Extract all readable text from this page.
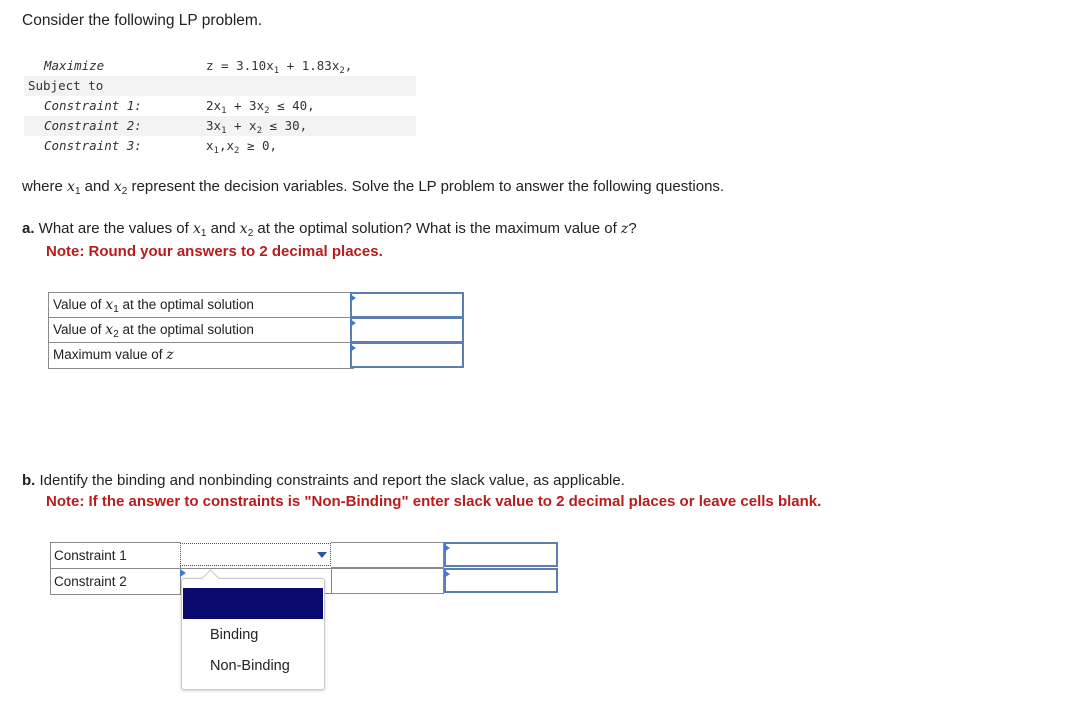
Consider the following LP problem.
Maximize	$z = 3.10x_1 + 1.83x_2$,
Subject to
Constraint 1:	$2x_1 + 3x_2 \le 40$,
Constraint 2:	$3x_1 + x_2 \le 30$,
Constraint 3:	$x_1,x_2 \ge 0$,
where $x_1$ and $x_2$ represent the decision variables. Solve the LP problem to answer the following questions.
a. What are the values of $x_1$ and $x_2$ at the optimal solution? What is the maximum value of z?
Note: Round your answers to 2 decimal places.
Value of $x_1$ at the optimal solution
Value of $x_2$ at the optimal solution
Maximum value of z
b. Identify the binding and nonbinding constraints and report the slack value, as applicable.
Note: If the answer to constraints is "Non-Binding" enter slack value to 2 decimal places or leave cells blank.
Constraint 1
Constraint 2
Binding
Non-Binding
